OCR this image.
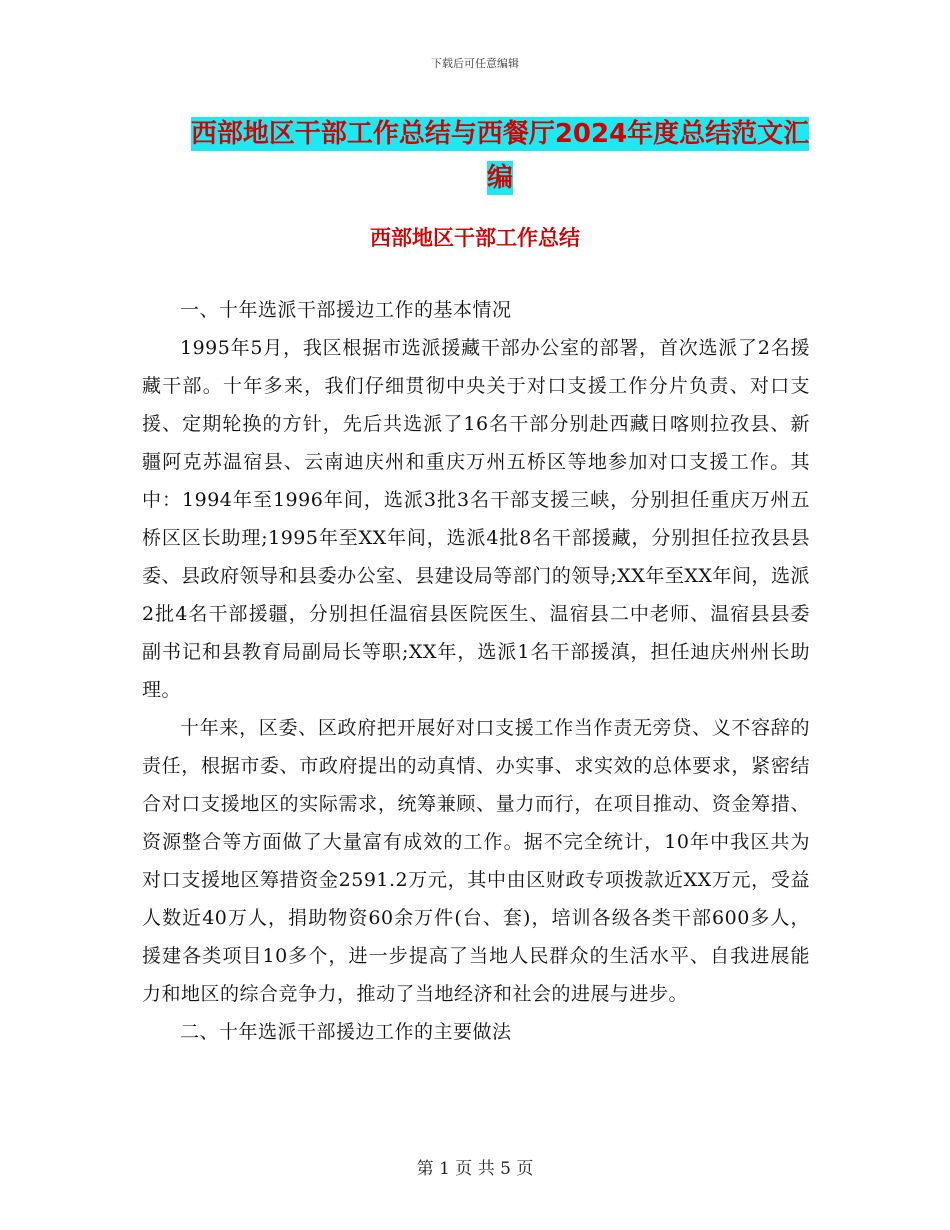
下载后可任意编辑
西部地区干部工作总结与西餐厅2024年度总结范文汇编
西部地区干部工作总结

一、十年选派干部援边工作的基本情况

1995年5月，我区根据市选派援藏干部办公室的部署，首次选派了2名援藏干部。十年多来，我们仔细贯彻中央关于对口支援工作分片负责、对口支援、定期轮换的方针，先后共选派了16名干部分别赴西藏日喀则拉孜县、新疆阿克苏温宿县、云南迪庆州和重庆万州五桥区等地参加对口支援工作。其中：1994年至1996年间，选派3批3名干部支援三峡，分别担任重庆万州五桥区区长助理;1995年至XX年间，选派4批8名干部援藏，分别担任拉孜县县委、县政府领导和县委办公室、县建设局等部门的领导;XX年至XX年间，选派2批4名干部援疆，分别担任温宿县医院医生、温宿县二中老师、温宿县县委副书记和县教育局副局长等职;XX年，选派1名干部援滇，担任迪庆州州长助理。

十年来，区委、区政府把开展好对口支援工作当作责无旁贷、义不容辞的责任，根据市委、市政府提出的动真情、办实事、求实效的总体要求，紧密结合对口支援地区的实际需求，统筹兼顾、量力而行，在项目推动、资金筹措、资源整合等方面做了大量富有成效的工作。据不完全统计，10年中我区共为对口支援地区筹措资金2591.2万元，其中由区财政专项拨款近XX万元，受益人数近40万人，捐助物资60余万件(台、套)，培训各级各类干部600多人，援建各类项目10多个，进一步提高了当地人民群众的生活水平、自我进展能力和地区的综合竞争力，推动了当地经济和社会的进展与进步。

二、十年选派干部援边工作的主要做法

第 1 页 共 5 页
